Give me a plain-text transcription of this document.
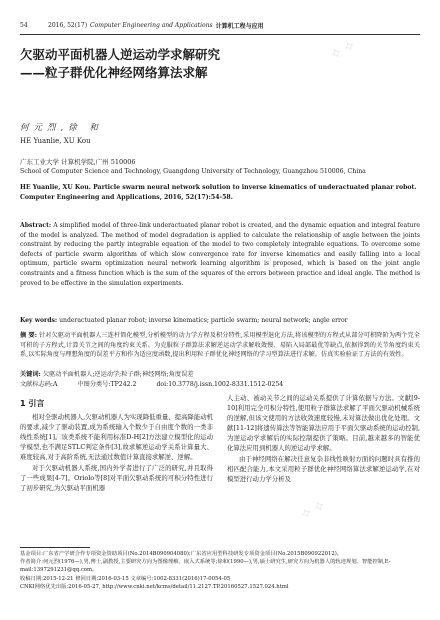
54	2016, 52(17) Computer Engineering and Applications 计算机工程与应用
欠驱动平面机器人逆运动学求解研究
——粒子群优化神经网络算法求解
何元烈,徐 和
HE Yuanlie, XU Kou
广东工业大学 计算机学院,广州 510006
School of Computer Science and Technology, Guangdong University of Technology, Guangzhou 510006, China
HE Yuanlie, XU Kou. Particle swarm neural network solution to inverse kinematics of underactuated planar robot. Computer Engineering and Applications, 2016, 52(17):54-58.
Abstract: A simplified model of three-link underactuated planar robot is created, and the dynamic equation and integral feature of the model is analyzed. The method of model degradation is applied to calculate the relationship of angle between the joints constraint by reducing the partly integrable equation of the model to two completely integrable equations. To overcome some defects of particle swarm algorithm of which slow convergence rate for inverse kinematics and easily falling into a local optimum, particle swarm optimization neural network learning algorithm is proposed, which is based on the joint angle constraints and a fitness function which is the sum of the squares of the errors between practice and ideal angle. The method is proved to be effective in the simulation experiments.
Key words: underactuated planar robot; inverse kinematics; particle swarm; neural network; angle error
摘 要: 针对欠驱动平面机器人三连杆简化模型,分析模型的动力学方程及积分特性,采用模型退化方法,将该模型的方程式从部分可积降阶为两个完全可积的子方程式,计算关节之间的角度约束关系。为克服粒子群算法求解逆运动学求解收敛慢、易陷入局部最优等缺点,依据得到的关节角度约束关系,以实际角度与理想角度的误差平方和作为适应度函数,提出利用粒子群优化神经网络的学习型算法进行求解。仿真实验验证了方法的有效性。
关键词: 欠驱动平面机器人;逆运动学;粒子群;神经网络;角度误差
文献标志码:A	中图分类号:TP242.2	doi:10.3778/j.issn.1002-8331.1512-0254
1 引言
相对全驱动机器人,欠驱动机器人为实现降低重量、提高降能动机的要求,减少了驱动装置,成为系统输入个数少于自由度个数的一类非线性系统[1]。该类系统不能利用标准D-H[2]方法建立模型化的运动学模型,也不满足STLC判定条件[3],故求解逆运动学关系计算量大、难度较高,对于高阶系统,无法通过数值计算直接求解逆、逆解。
对于欠驱动机器人系统,国内外学者进行了广泛的研究,并且取得了一些成果[4-7]。Oriolo等[8]对平面欠驱动系统的可积分特性进行了初步研究,为欠驱动平面机器
人主动、被动关节之间的运动关系提供了计算依据与方法。文献[9-10]利用完全可积分特性,使用粒子群算法求解了平面欠驱动机械系统的逆解,但该文使用的方法收敛速度较慢,未对算法做出优化处理。文献[11-12]将遗传算法等智能算法应用于平面欠驱动系统的运动控制,为逆运动学求解后的实际控制提供了策略。目前,越来越多的智能优化算法应用到机器人的逆运动学求解。
由于神经网络在解决任意复杂非线性映射方面的问题时具有推的相匹配合能力,本文采用粒子群优化神经网络算法求解逆运动学,在对模型进行动力学分析及
基金项目:广东省产学研合作专项资金资助项目(No.2014B090904080);广东省应用型科技研发专项资金项目(No.2015B090922012)。
作者简介:何元烈(1976—),男,博士,副教授,主要研究方向为图像理解、嵌入式系统等;徐和(1990—),男,硕士研究生,研究方向为机器人的轨迹规划、智能控制,E-mail:1397291231@qq.com。
收稿日期:2015-12-21 修回日期:2016-03-15 文章编号:1002-8331(2016)17-0054-05
CNKI网络优先出版:2016-05-27, http://www.cnki.net/kcms/detail/11.2127.TP.20160527.1527.024.html
⟡ ⟡
⟡ ⟡
⟡ ⟡
⟡ ⟡
